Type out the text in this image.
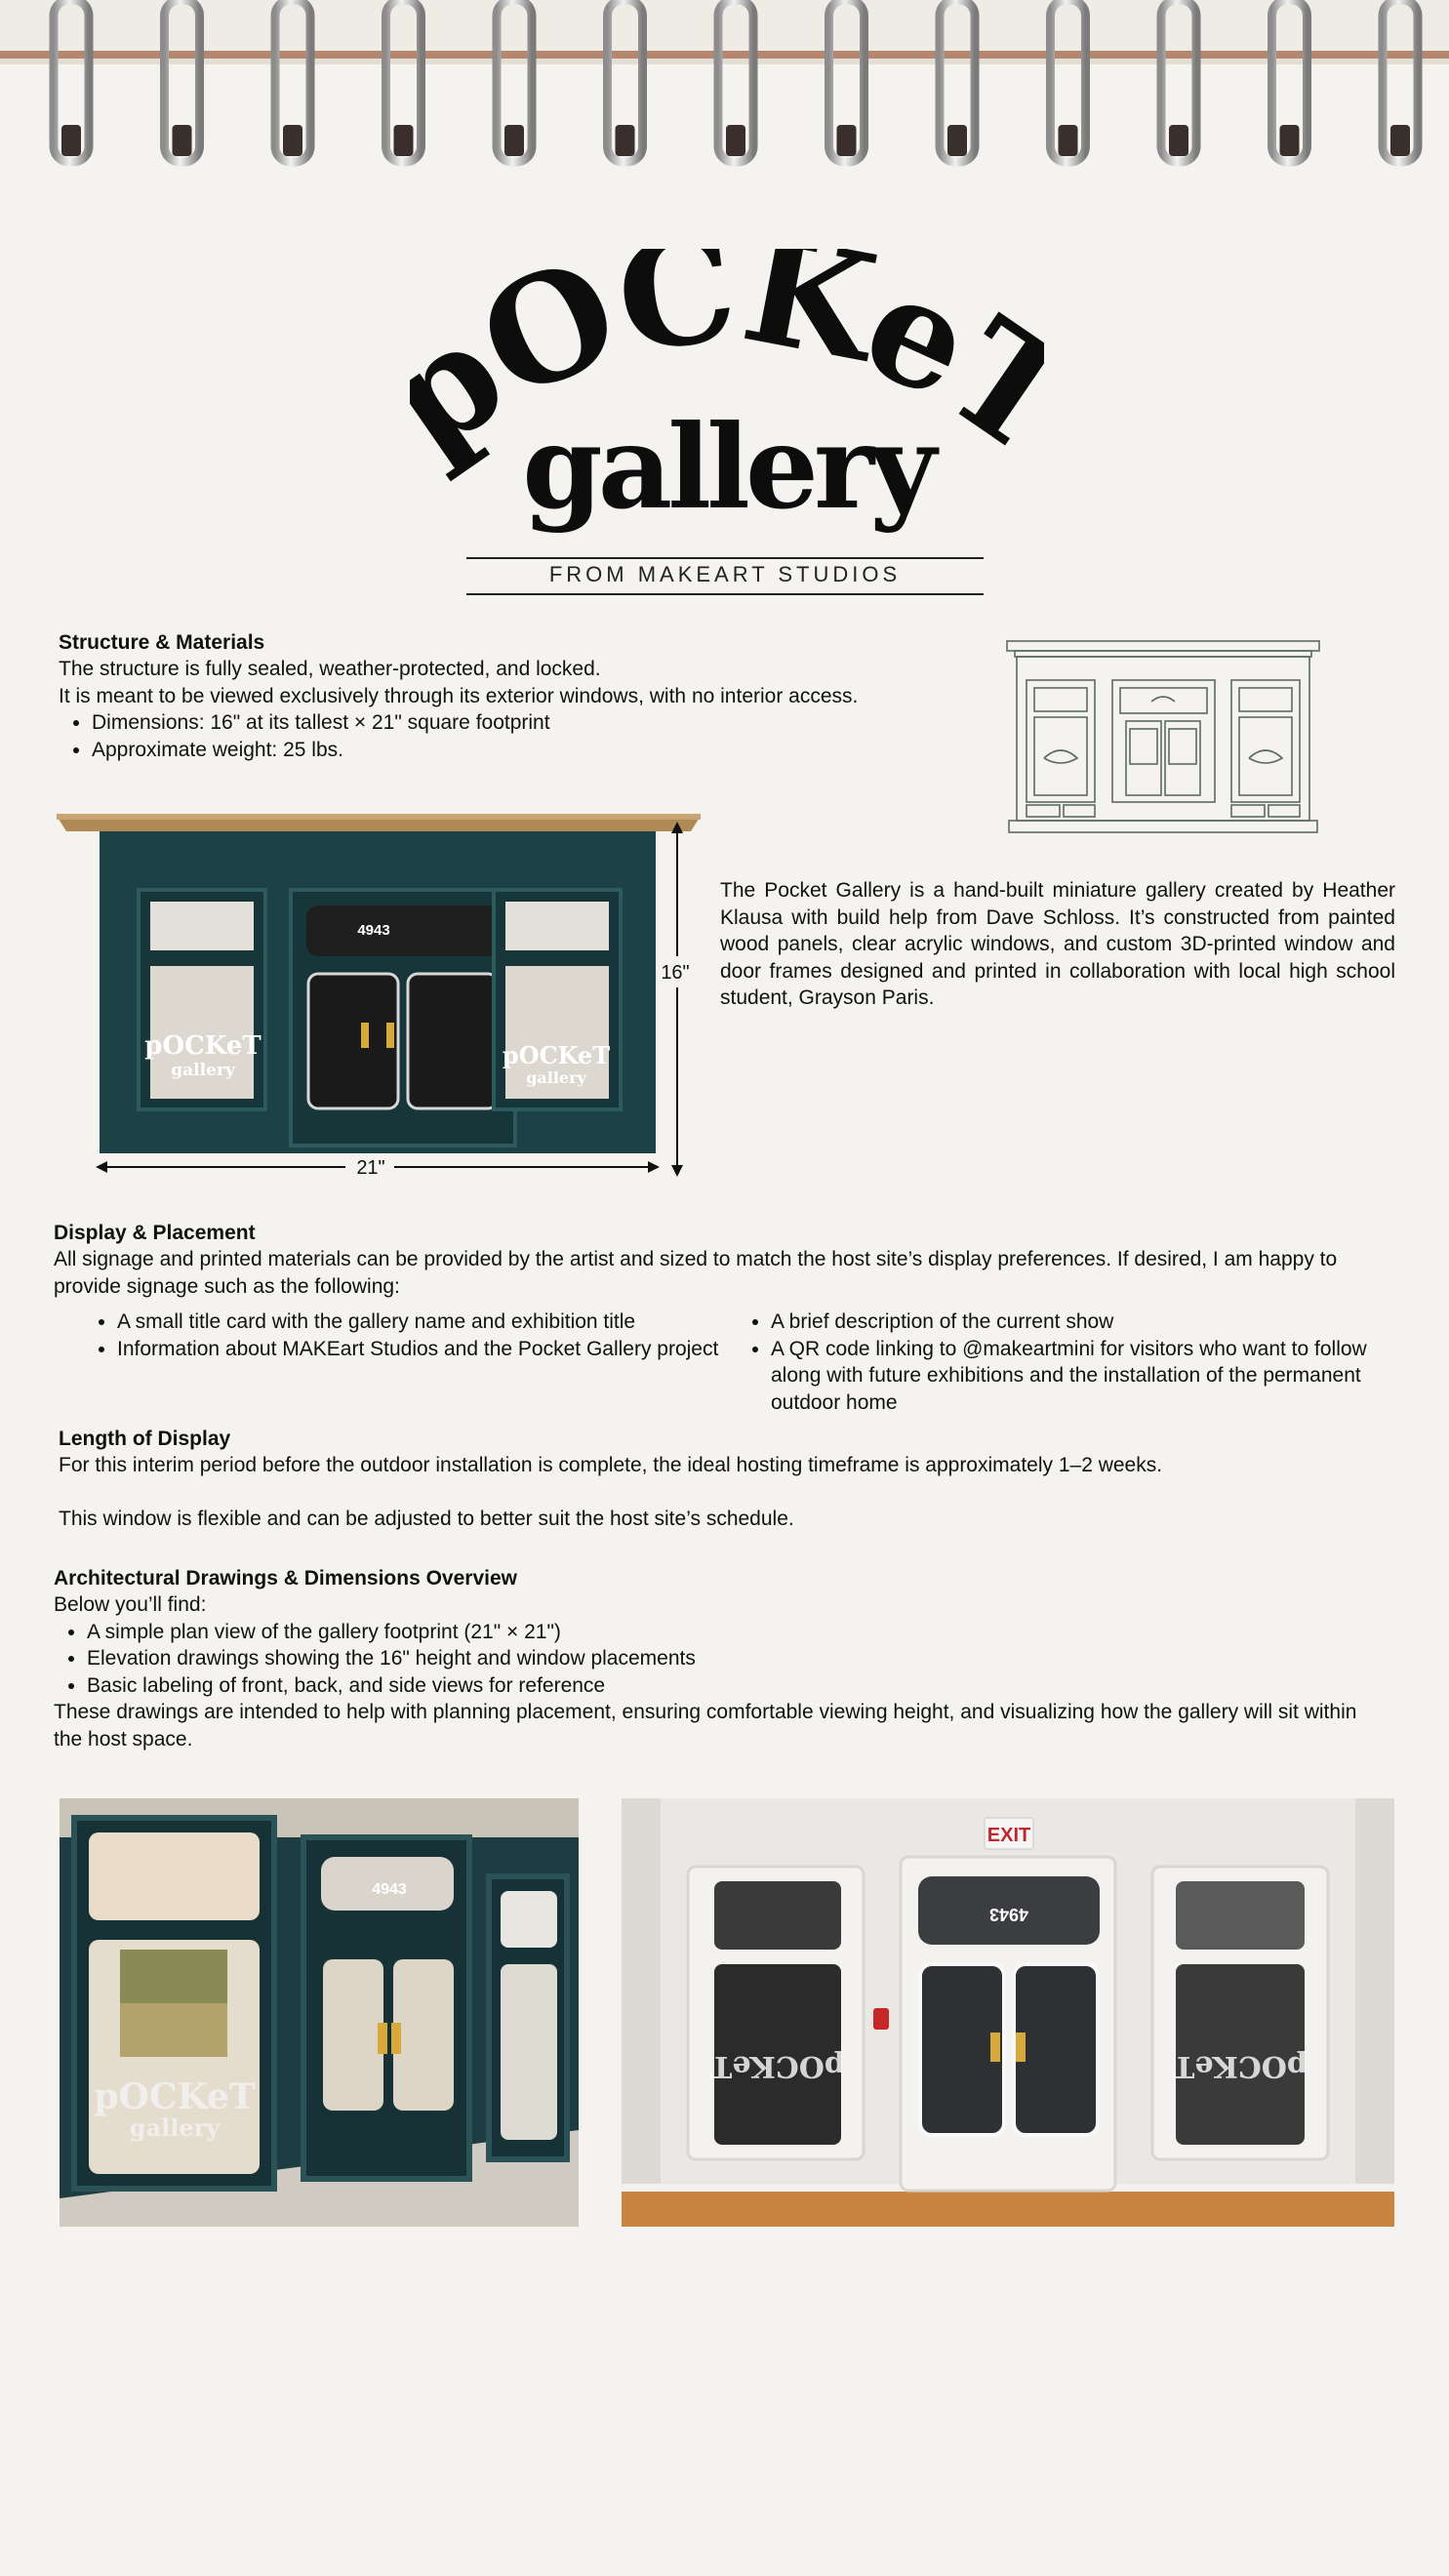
OCKe
gallery
FROM MAKEART STUDIOS
Structure & Materials
The structure is fully sealed, weather-protected, and locked.
It is meant to be viewed exclusively through its exterior windows, with no interior access.
• Dimensions: 16" at its tallest × 21" square footprint
• Approximate weight: 25 lbs.
4943
pOCKeT
gallery
pOCKeT
gallery
16"
21"
The Pocket Gallery is a hand-built miniature gallery created by Heather Klausa with build help from Dave Schloss. It’s constructed from painted wood panels, clear acrylic windows, and custom 3D-printed window and door frames designed and printed in collaboration with local high school student, Grayson Paris.
Display & Placement
All signage and printed materials can be provided by the artist and sized to match the host site’s display preferences. If desired, I am happy to provide signage such as the following:
• A small title card with the gallery name and exhibition title
• Information about MAKEart Studios and the Pocket Gallery project
• A brief description of the current show
• A QR code linking to @makeartmini for visitors who want to follow along with future exhibitions and the installation of the permanent outdoor home
Length of Display
For this interim period before the outdoor installation is complete, the ideal hosting timeframe is approximately 1–2 weeks.
This window is flexible and can be adjusted to better suit the host site’s schedule.
Architectural Drawings & Dimensions Overview
Below you’ll find:
• A simple plan view of the gallery footprint (21" × 21")
• Elevation drawings showing the 16" height and window placements
• Basic labeling of front, back, and side views for reference
These drawings are intended to help with planning placement, ensuring comfortable viewing height, and visualizing how the gallery will sit within the host space.
pOCKeT
gallery
4943
pOCKeT
4943
EXIT
pOCKeT
